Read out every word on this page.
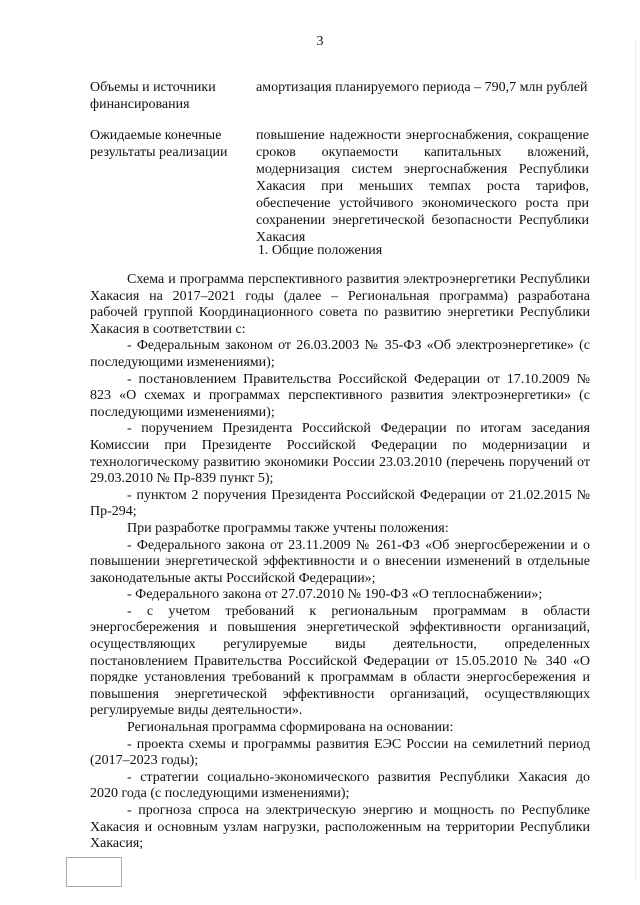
3
Объемы и источники финансирования
амортизация планируемого периода – 790,7 млн рублей
Ожидаемые конечные результаты реализации
повышение надежности энергоснабжения, сокращение сроков окупаемости капитальных вложений, модернизация систем энергоснабжения Республики Хакасия при меньших темпах роста тарифов, обеспечение устойчивого экономического роста при сохранении энергетической безопасности Республики Хакасия
1. Общие положения

Схема и программа перспективного развития электроэнергетики Республики Хакасия на 2017–2021 годы (далее – Региональная программа) разработана рабочей группой Координационного совета по развитию энергетики Республики Хакасия в соответствии с:

- Федеральным законом от 26.03.2003 № 35-ФЗ «Об электроэнергетике» (с последующими изменениями);

- постановлением Правительства Российской Федерации от 17.10.2009 № 823 «О схемах и программах перспективного развития электроэнергетики» (с последующими изменениями);

- поручением Президента Российской Федерации по итогам заседания Комиссии при Президенте Российской Федерации по модернизации и технологическому развитию экономики России 23.03.2010 (перечень поручений от 29.03.2010 № Пр-839 пункт 5);

- пунктом 2 поручения Президента Российской Федерации от 21.02.2015 № Пр-294;

При разработке программы также учтены положения:

- Федерального закона от 23.11.2009 № 261-ФЗ «Об энергосбережении и о повышении энергетической эффективности и о внесении изменений в отдельные законодательные акты Российской Федерации»;

- Федерального закона от 27.07.2010 № 190-ФЗ «О теплоснабжении»;

- с учетом требований к региональным программам в области энергосбережения и повышения энергетической эффективности организаций, осуществляющих регулируемые виды деятельности, определенных постановлением Правительства Российской Федерации от 15.05.2010 № 340 «О порядке установления требований к программам в области энергосбережения и повышения энергетической эффективности организаций, осуществляющих регулируемые виды деятельности».

Региональная программа сформирована на основании:

- проекта схемы и программы развития ЕЭС России на семилетний период (2017–2023 годы);

- стратегии социально-экономического развития Республики Хакасия до 2020 года (с последующими изменениями);

- прогноза спроса на электрическую энергию и мощность по Республике Хакасия и основным узлам нагрузки, расположенным на территории Республики Хакасия;
